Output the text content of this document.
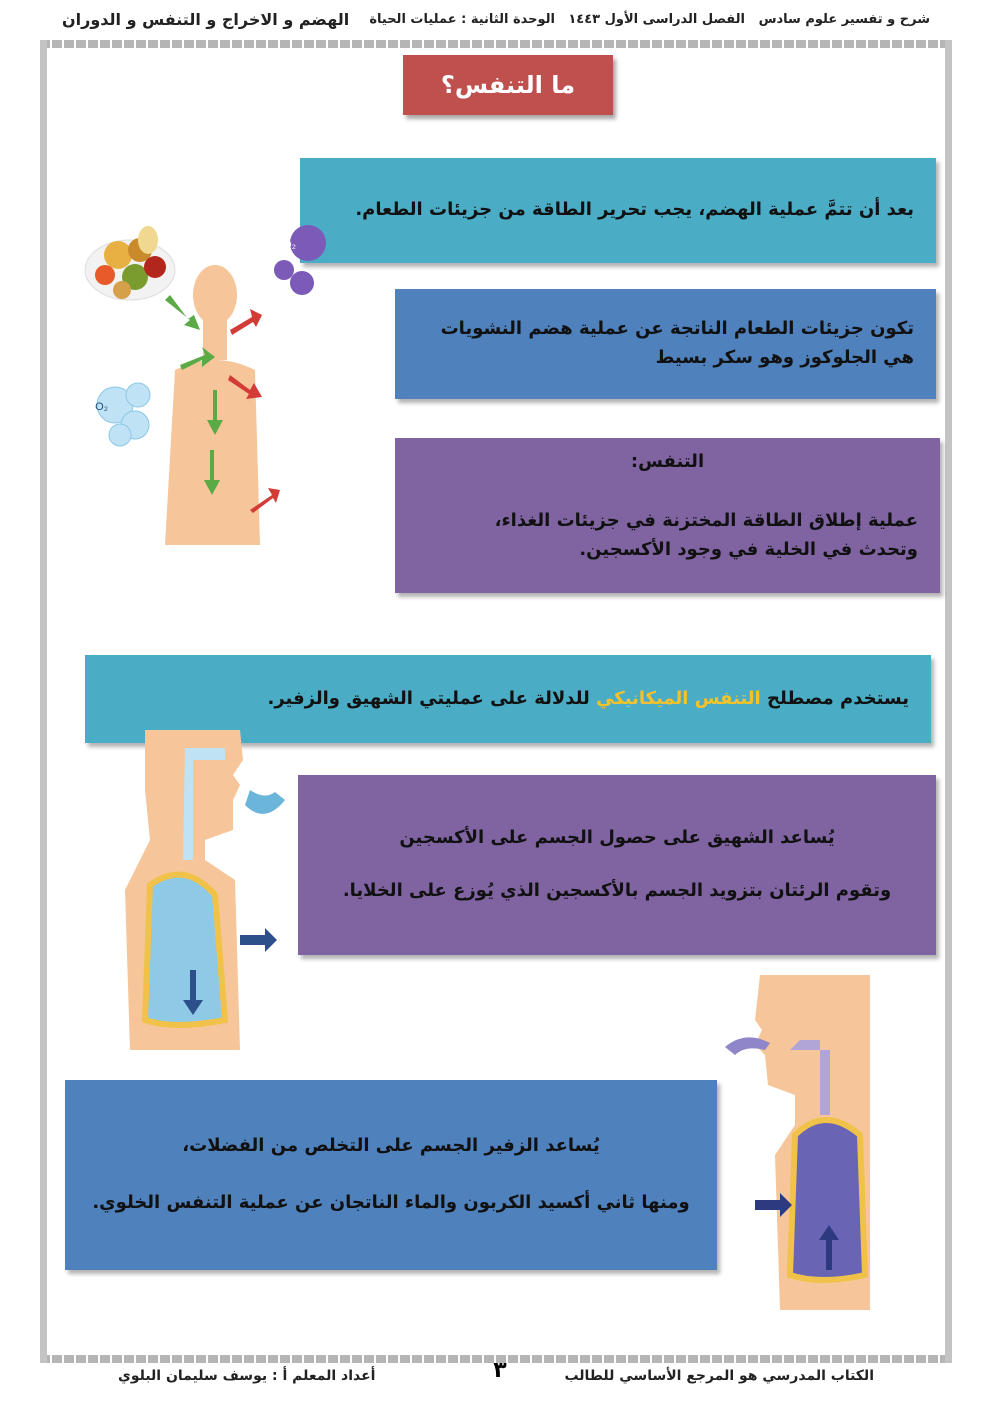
شرح و تفسير علوم سادس
الفصل الدراسى الأول ١٤٤٣
الوحدة الثانية : عمليات الحياة
الهضم و الاخراج و التنفس و الدوران
ما التنفس؟

بعد أن تتمَّ عملية الهضم، يجب تحرير الطاقة من جزيئات الطعام.

تكون جزيئات الطعام الناتجة عن عملية هضم النشويات

هي الجلوكوز وهو سكر بسيط

التنفس:

عملية إطلاق الطاقة المختزنة في جزيئات الغذاء،

وتحدث في الخلية في وجود الأكسجين.

يستخدم مصطلح التنفس الميكانيكي للدلالة على عمليتي الشهيق والزفير.

يُساعد الشهيق على حصول الجسم على الأكسجين

وتقوم الرئتان بتزويد الجسم بالأكسجين الذي يُوزع على الخلايا.

يُساعد الزفير الجسم على التخلص من الفضلات،

ومنها ثاني أكسيد الكربون والماء الناتجان عن عملية التنفس الخلوي.

O₂
CO₂
الكتاب المدرسي هو المرجع الأساسي للطالب
٣
أعداد المعلم أ : يوسف سليمان البلوي
